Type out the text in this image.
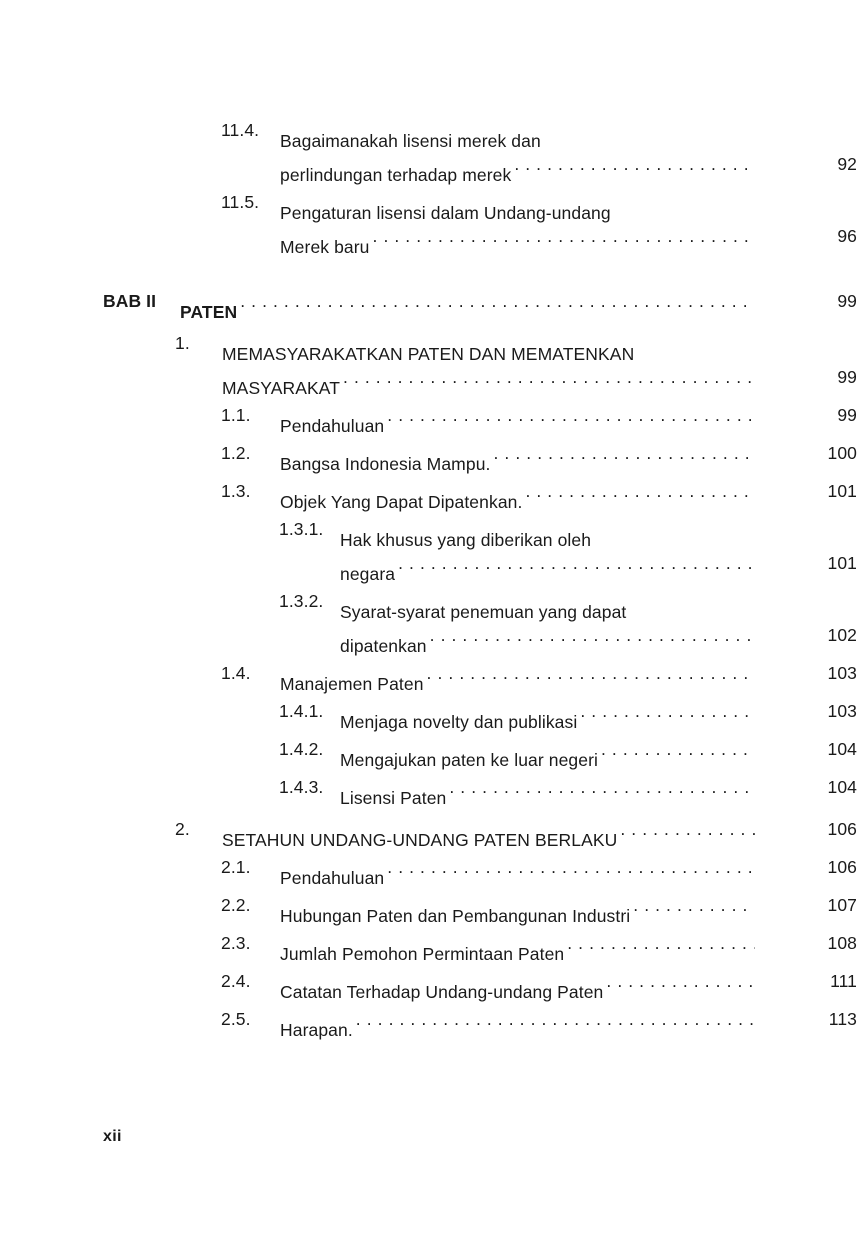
11.4.
Bagaimanakah lisensi merek dan
perlindungan terhadap merek
. . .
92
11.5.
Pengaturan lisensi dalam Undang-undang
Merek baru
. . .
96
BAB II
PATEN
. . .
99
1.
MEMASYARAKATKAN PATEN DAN MEMATENKAN
MASYARAKAT
. . .
99
1.1.
Pendahuluan
. . .
99
1.2.
Bangsa Indonesia Mampu.
. . .
100
1.3.
Objek Yang Dapat Dipatenkan.
. . .
101
1.3.1.
Hak khusus yang diberikan oleh
negara
. . .
101
1.3.2.
Syarat-syarat penemuan yang dapat
dipatenkan
. . .
102
1.4.
Manajemen Paten
. . .
103
1.4.1.
Menjaga novelty dan publikasi
. . .
103
1.4.2.
Mengajukan paten ke luar negeri
. . .
104
1.4.3.
Lisensi Paten
. . .
104
2.
SETAHUN UNDANG-UNDANG PATEN BERLAKU
. . .
106
2.1.
Pendahuluan
. . .
106
2.2.
Hubungan Paten dan Pembangunan Industri
. . .
107
2.3.
Jumlah Pemohon Permintaan Paten
. . .
108
2.4.
Catatan Terhadap Undang-undang Paten
. . .
111
2.5.
Harapan.
. . .
113
xii
